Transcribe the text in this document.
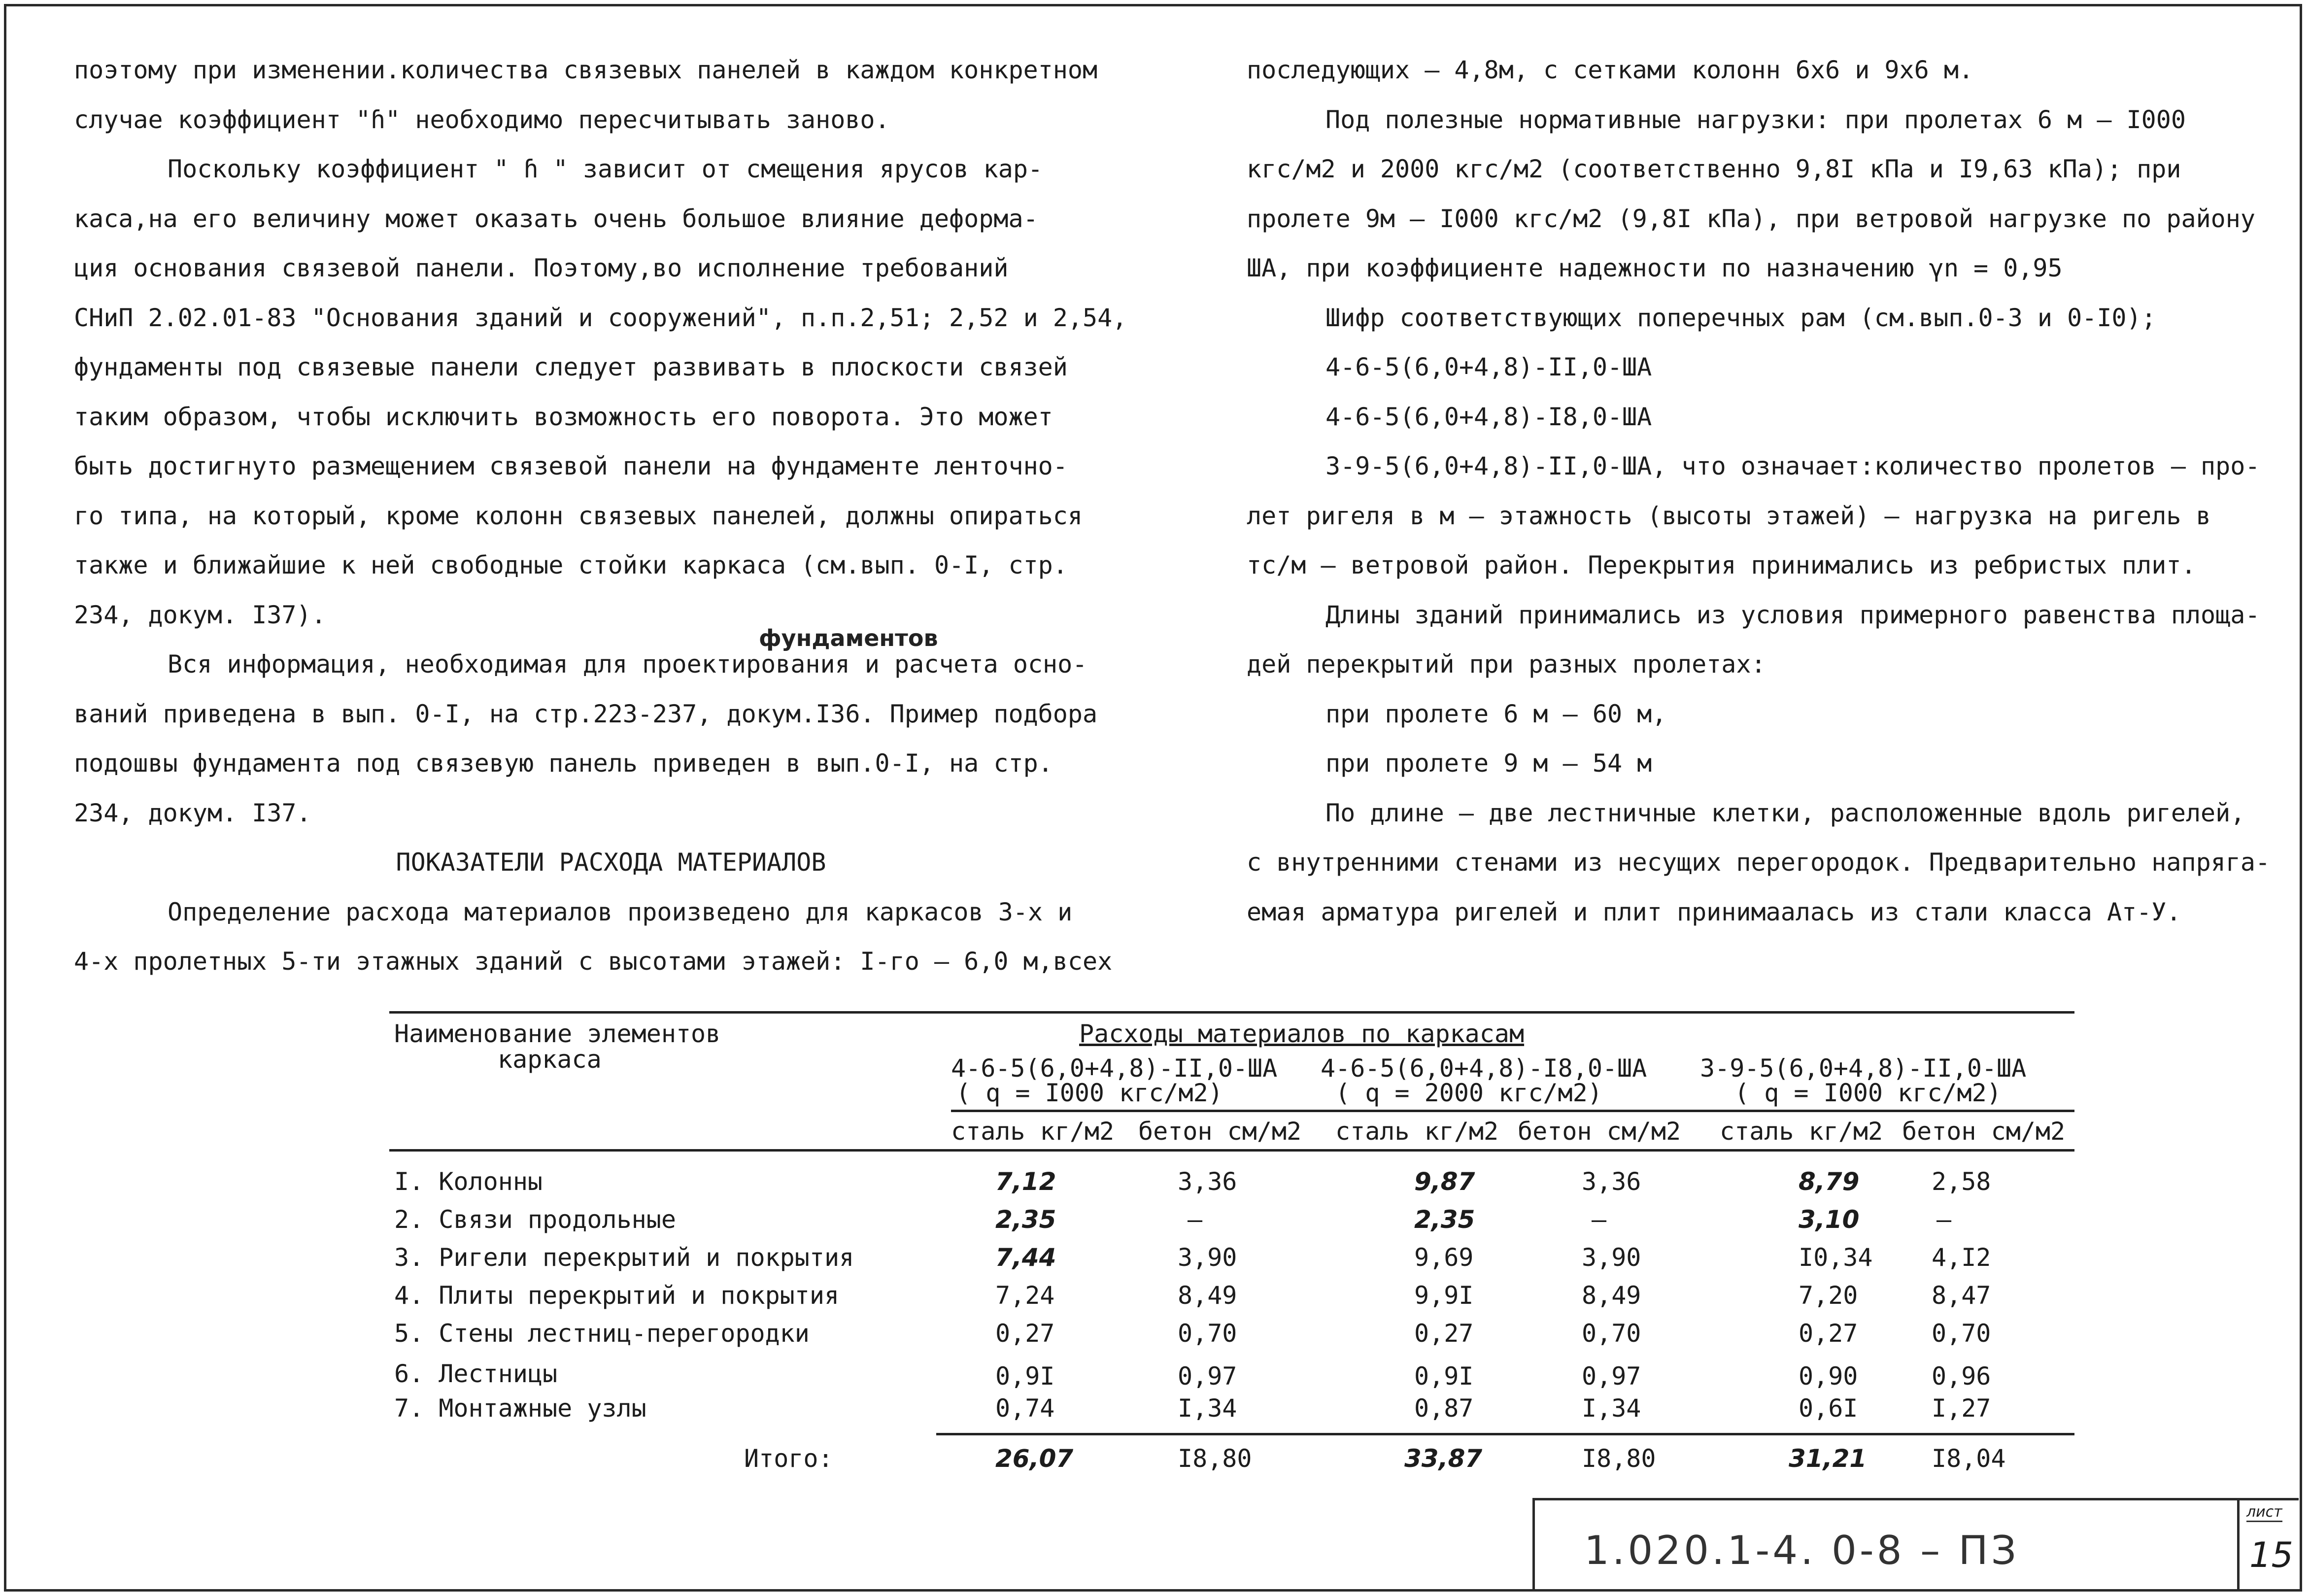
поэтому при изменении.количества связевых панелей в каждом конкретном
случае коэффициент "ɦ" необходимо пересчитывать заново.
Поскольку коэффициент " ɦ " зависит от смещения ярусов кар-
каса,на его величину может оказать очень большое влияние деформа-
ция основания связевой панели. Поэтому,во исполнение требований
СНиП 2.02.01-83 "Основания зданий и сооружений", п.п.2,51; 2,52 и 2,54,
фундаменты под связевые панели следует развивать в плоскости связей
таким образом, чтобы исключить возможность его поворота. Это может
быть достигнуто размещением связевой панели на фундаменте ленточно-
го типа, на который, кроме колонн связевых панелей, должны опираться
также и ближайшие к ней свободные стойки каркаса (см.вып. 0-I, стр.
234, докум. I37).
Вся информация, необходимая для проектирования и расчета осно-
ваний приведена в вып. 0-I, на стр.223-237, докум.I36. Пример подбора
подошвы фундамента под связевую панель приведен в вып.0-I, на стр.
234, докум. I37.
ПОКАЗАТЕЛИ РАСХОДА МАТЕРИАЛОВ
Определение расхода материалов произведено для каркасов 3-х и
4-х пролетных 5-ти этажных зданий с высотами этажей: I-го – 6,0 м,всех
фундаментов
последующих – 4,8м, с сетками колонн 6х6 и 9х6 м.
Под полезные нормативные нагрузки: при пролетах 6 м – I000
кгс/м2 и 2000 кгс/м2 (соответственно 9,8I кПа и I9,63 кПа); при
пролете 9м – I000 кгс/м2 (9,8I кПа), при ветровой нагрузке по району
ША, при коэффициенте надежности по назначению γn = 0,95
Шифр соответствующих поперечных рам (см.вып.0-3 и 0-I0);
4-6-5(6,0+4,8)-II,0-ША
4-6-5(6,0+4,8)-I8,0-ША
3-9-5(6,0+4,8)-II,0-ША, что означает:количество пролетов – про-
лет ригеля в м – этажность (высоты этажей) – нагрузка на ригель в
тс/м – ветровой район. Перекрытия принимались из ребристых плит.
Длины зданий принимались из условия примерного равенства площа-
дей перекрытий при разных пролетах:
при пролете 6 м – 60 м,
при пролете 9 м – 54 м
По длине – две лестничные клетки, расположенные вдоль ригелей,
с внутренними стенами из несущих перегородок. Предварительно напряга-
емая арматура ригелей и плит принимаалась из стали класса Ат-У.
Наименование элементов
каркаса
Расходы материалов по каркасам
4-6-5(6,0+4,8)-II,0-ША
( q = I000 кгс/м2)
4-6-5(6,0+4,8)-I8,0-ША
( q = 2000 кгс/м2)
3-9-5(6,0+4,8)-II,0-ША
( q = I000 кгс/м2)
сталь кг/м2 бетон см/м2 сталь кг/м2 бетон см/м2 сталь кг/м2 бетон см/м2
I. Колонны	7,12	3,36	9,87	3,36	8,79	2,58
2. Связи продольные	2,35	–	2,35	–	3,10	–
3. Ригели перекрытий и покрытия	7,44	3,90	9,69	3,90	I0,34 4,I2
4. Плиты перекрытий и покрытия	7,24	8,49	9,9I	8,49	7,20	8,47
5. Стены лестниц-перегородки	0,27	0,70	0,27	0,70	0,27	0,70
6. Лестницы	0,9I	0,97	0,9I	0,97	0,90	0,96
7. Монтажные узлы	0,74	I,34	0,87	I,34	0,6I	I,27
Итого:	26,07	I8,80	33,87	I8,80	31,21	I8,04
1.020.1-4. 0-8 – ПЗ
лист
15
